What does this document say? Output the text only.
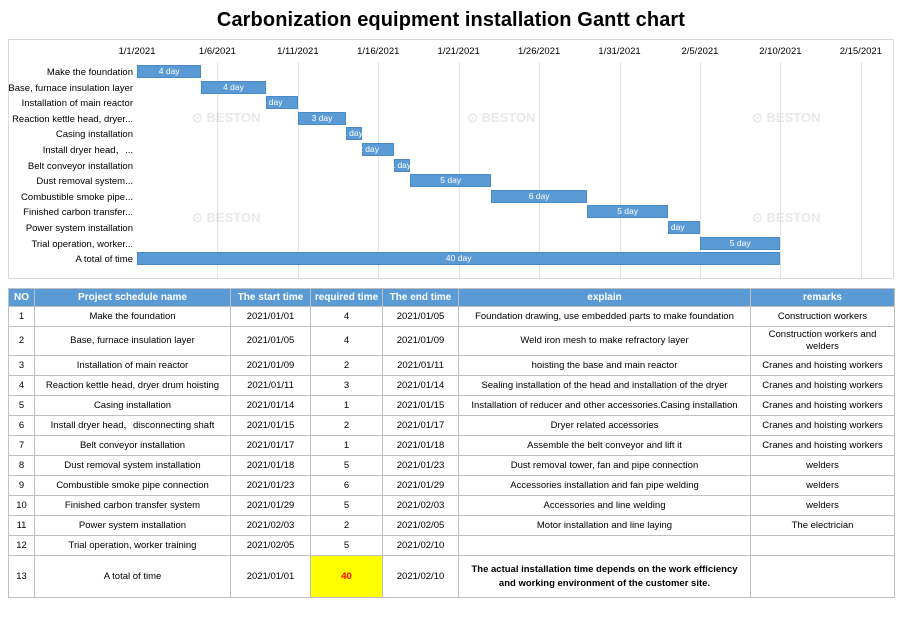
Carbonization equipment installation Gantt chart
Make the foundation
Base, furnace insulation layer
Installation of main reactor
Reaction kettle head, dryer...
Casing installation
Install dryer head，...
Belt conveyor installation
Dust removal system...
Combustible smoke pipe...
Finished carbon transfer...
Power system installation
Trial operation, worker...
A total of time
1/1/2021	1/6/2021	1/11/2021	1/16/2021	1/21/2021	1/26/2021	1/31/2021	2/5/2021	2/10/2021	2/15/2021
4 day
4 day
2 day
3 day
1 day
2 day
1 day
5 day
6 day
5 day
2 day
5 day
40 day
⊙ BESTON	⊙ BESTON	⊙ BESTON
⊙ BESTON	⊙ BESTON
NO	Project schedule name	The start time	required time	The end time	explain	remarks
1	Make the foundation	2021/01/01	4	2021/01/05	Foundation drawing, use embedded parts to make foundation	Construction workers
2	Base, furnace insulation layer	2021/01/05	4	2021/01/09	Weld iron mesh to make refractory layer	Construction workers and welders
3	Installation of main reactor	2021/01/09	2	2021/01/11	hoisting the base and main reactor	Cranes and hoisting workers
4	Reaction kettle head, dryer drum hoisting	2021/01/11	3	2021/01/14	Sealing installation of the head and installation of the dryer	Cranes and hoisting workers
5	Casing installation	2021/01/14	1	2021/01/15	Installation of reducer and other accessories.Casing installation	Cranes and hoisting workers
6	Install dryer head，disconnecting shaft	2021/01/15	2	2021/01/17	Dryer related accessories	Cranes and hoisting workers
7	Belt conveyor installation	2021/01/17	1	2021/01/18	Assemble the belt conveyor and lift it	Cranes and hoisting workers
8	Dust removal system installation	2021/01/18	5	2021/01/23	Dust removal tower, fan and pipe connection	welders
9	Combustible smoke pipe connection	2021/01/23	6	2021/01/29	Accessories installation and fan pipe welding	welders
10	Finished carbon transfer system	2021/01/29	5	2021/02/03	Accessories and line welding	welders
11	Power system installation	2021/02/03	2	2021/02/05	Motor installation and line laying	The electrician
12	Trial operation, worker training	2021/02/05	5	2021/02/10		
13	A total of time	2021/01/01	40	2021/02/10	The actual installation time depends on the work efficiency and working environment of the customer site.	
